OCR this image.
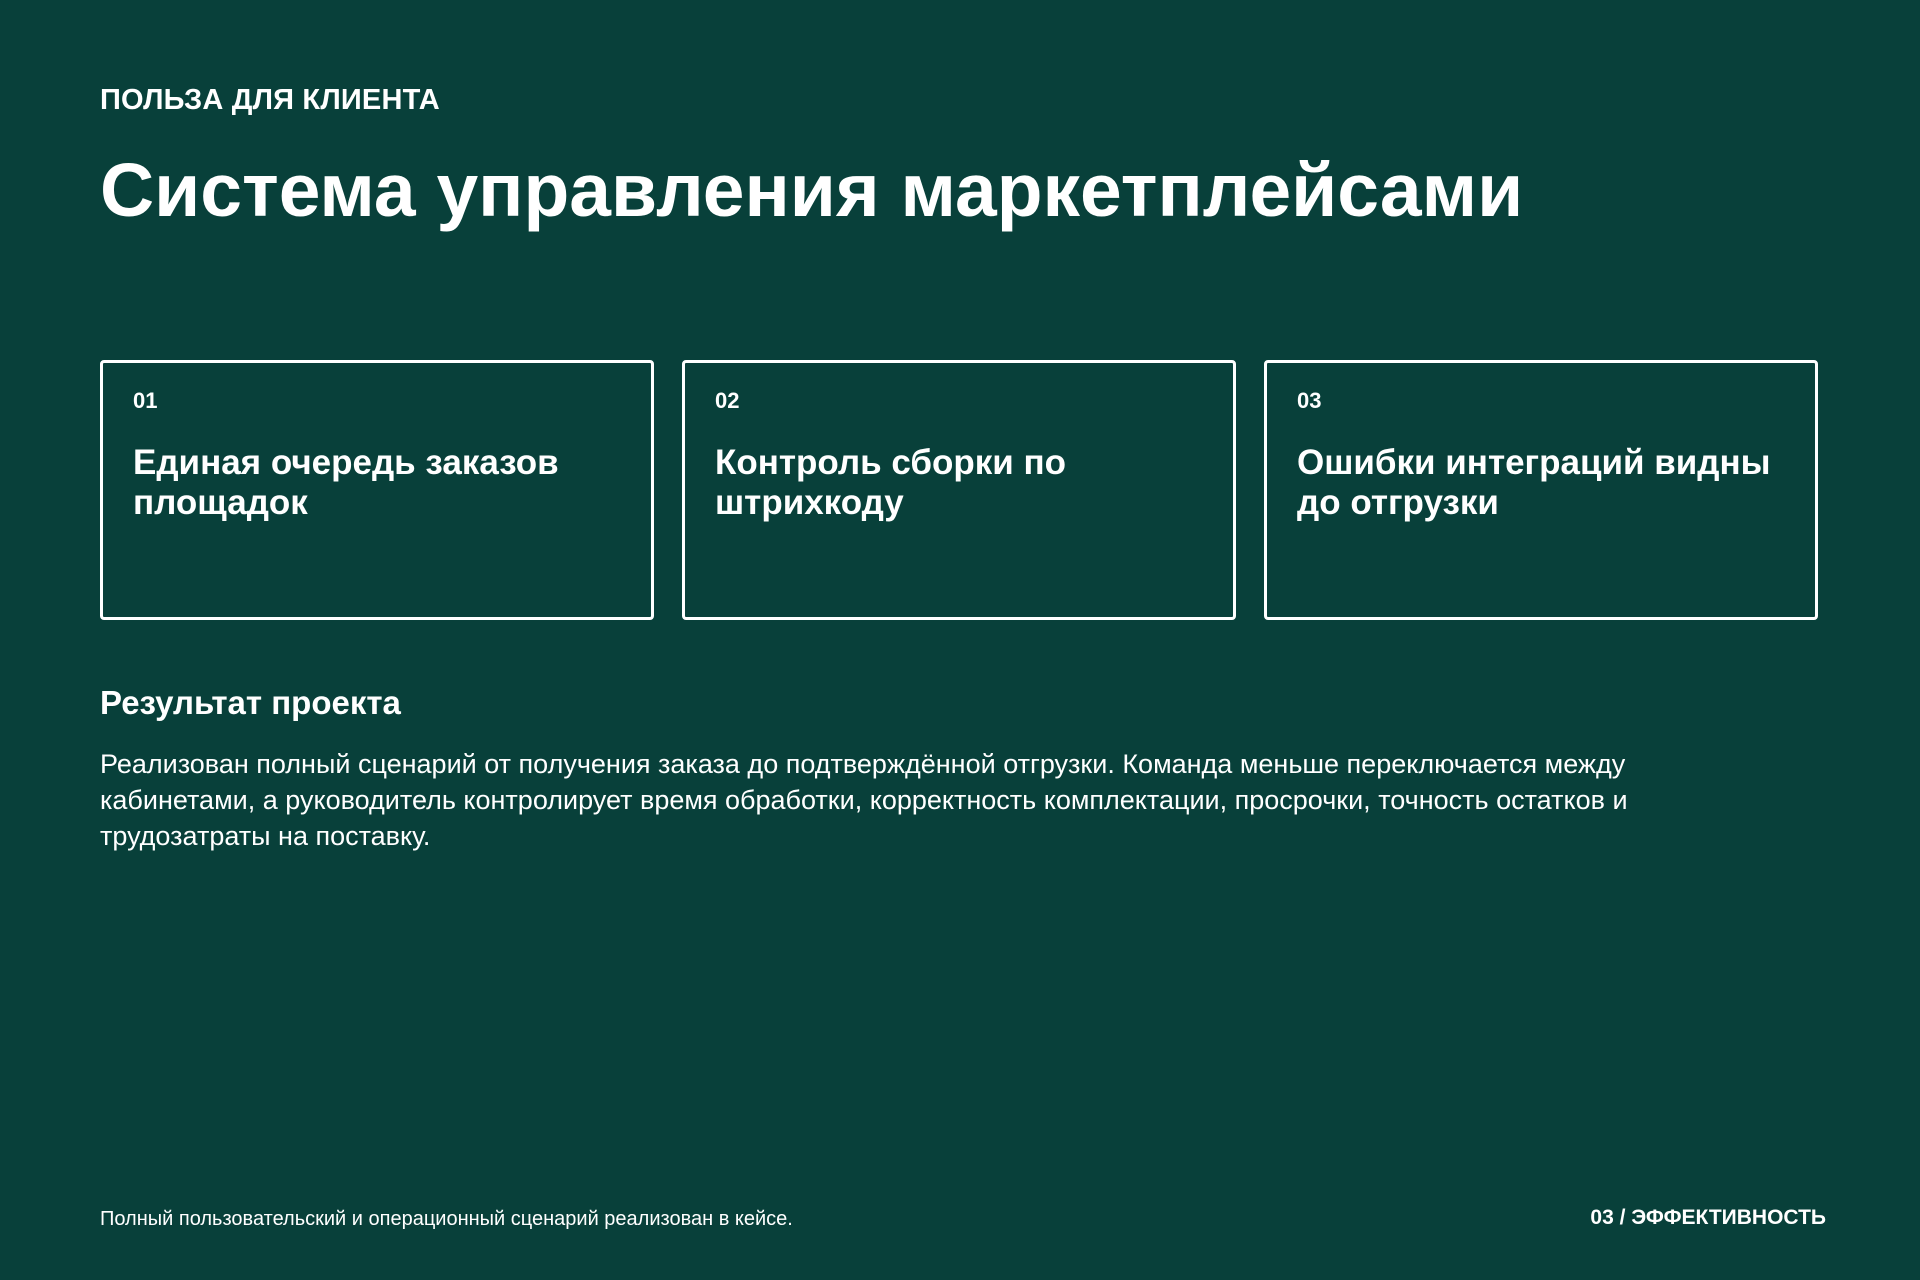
ПОЛЬЗА ДЛЯ КЛИЕНТА
Система управления маркетплейсами
01
Единая очередь заказов площадок
02
Контроль сборки по штрихкоду
03
Ошибки интеграций видны до отгрузки
Результат проекта

Реализован полный сценарий от получения заказа до подтверждённой отгрузки. Команда меньше переключается между кабинетами, а руководитель контролирует время обработки, корректность комплектации, просрочки, точность остатков и трудозатраты на поставку.

Полный пользовательский и операционный сценарий реализован в кейсе.	03 / ЭФФЕКТИВНОСТЬ
